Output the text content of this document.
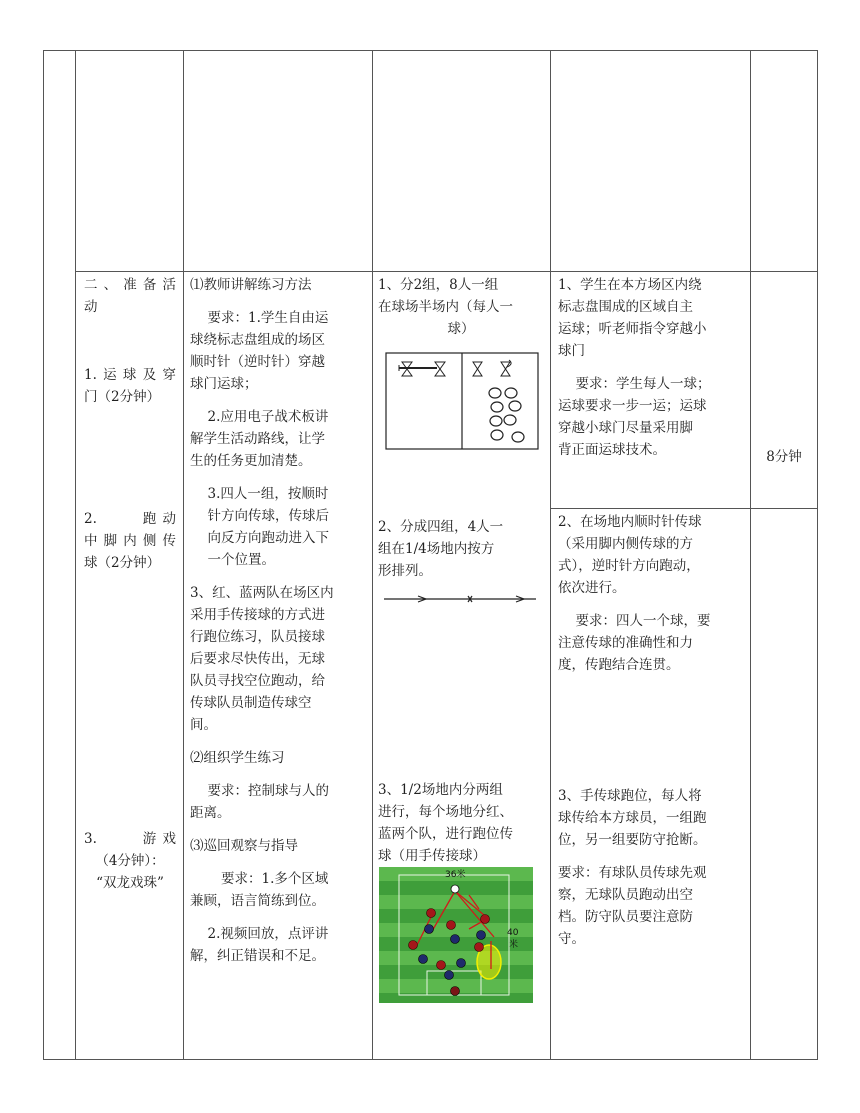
二、准备活

动

1.运球及穿

门（2分钟）

2.　　跑动

中脚内侧传

球（2分钟）

3.　　游戏

（4分钟）：

“双龙戏珠”

⑴教师讲解练习方法

要求：1.学生自由运

球绕标志盘组成的场区

顺时针（逆时针）穿越

球门运球；

2.应用电子战术板讲

解学生活动路线，让学

生的任务更加清楚。

3.四人一组，按顺时

针方向传球，传球后

向反方向跑动进入下

一个位置。

3、红、蓝两队在场区内

采用手传接球的方式进

行跑位练习，队员接球

后要求尽快传出，无球

队员寻找空位跑动，给

传球队员制造传球空

间。

⑵组织学生练习

要求：控制球与人的

距离。

⑶巡回观察与指导

要求：1.多个区域

兼顾，语言简练到位。

2.视频回放，点评讲

解，纠正错误和不足。

1、分2组，8人一组

在球场半场内（每人一

球）

2、分成四组，4人一

组在1/4场地内按方

形排列。

3、1/2场地内分两组

进行，每个场地分红、

蓝两个队，进行跑位传

球（用手传接球）

36米
40
米

1、学生在本方场区内绕

标志盘围成的区域自主

运球；听老师指令穿越小

球门

要求：学生每人一球；

运球要求一步一运；运球

穿越小球门尽量采用脚

背正面运球技术。

2、在场地内顺时针传球

（采用脚内侧传球的方

式），逆时针方向跑动，

依次进行。

要求：四人一个球，要

注意传球的准确性和力

度，传跑结合连贯。

3、手传球跑位，每人将

球传给本方球员，一组跑

位，另一组要防守抢断。

要求：有球队员传球先观

察，无球队员跑动出空

档。防守队员要注意防

守。

8分钟
